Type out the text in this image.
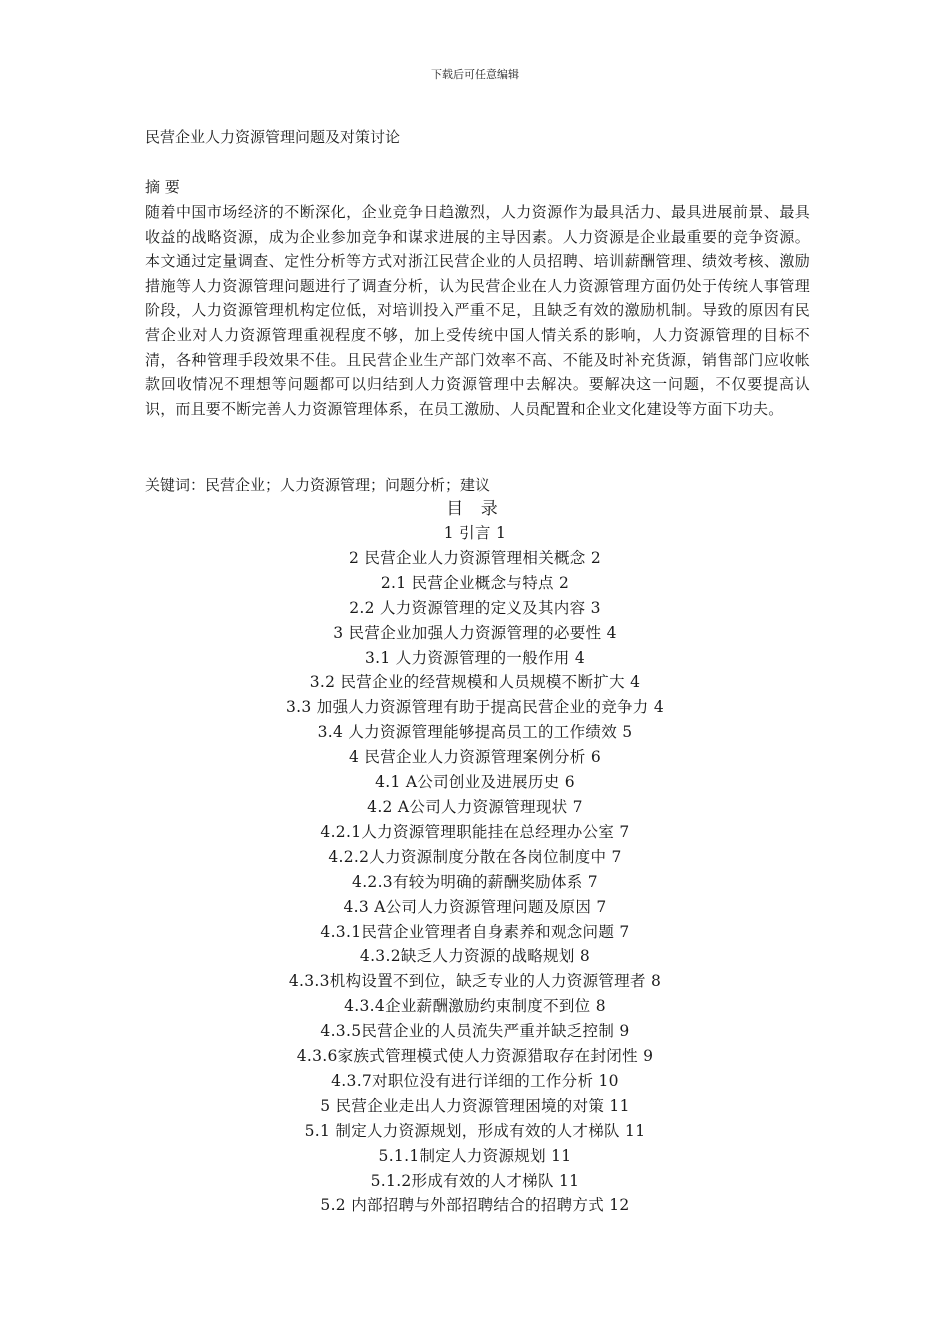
下载后可任意编辑
民营企业人力资源管理问题及对策讨论
摘 要
随着中国市场经济的不断深化，企业竞争日趋激烈，人力资源作为最具活力、最具进展前景、最具收益的战略资源，成为企业参加竞争和谋求进展的主导因素。人力资源是企业最重要的竞争资源。本文通过定量调查、定性分析等方式对浙江民营企业的人员招聘、培训薪酬管理、绩效考核、激励措施等人力资源管理问题进行了调查分析，认为民营企业在人力资源管理方面仍处于传统人事管理阶段，人力资源管理机构定位低，对培训投入严重不足，且缺乏有效的激励机制。导致的原因有民营企业对人力资源管理重视程度不够，加上受传统中国人情关系的影响，人力资源管理的目标不清，各种管理手段效果不佳。且民营企业生产部门效率不高、不能及时补充货源，销售部门应收帐款回收情况不理想等问题都可以归结到人力资源管理中去解决。要解决这一问题，不仅要提高认识，而且要不断完善人力资源管理体系，在员工激励、人员配置和企业文化建设等方面下功夫。
关键词：民营企业；人力资源管理；问题分析；建议
目 录
1 引言 1
2 民营企业人力资源管理相关概念 2
2.1 民营企业概念与特点 2
2.2 人力资源管理的定义及其内容 3
3 民营企业加强人力资源管理的必要性 4
3.1 人力资源管理的一般作用 4
3.2 民营企业的经营规模和人员规模不断扩大 4
3.3 加强人力资源管理有助于提高民营企业的竞争力 4
3.4 人力资源管理能够提高员工的工作绩效 5
4 民营企业人力资源管理案例分析 6
4.1 A公司创业及进展历史 6
4.2 A公司人力资源管理现状 7
4.2.1人力资源管理职能挂在总经理办公室 7
4.2.2人力资源制度分散在各岗位制度中 7
4.2.3有较为明确的薪酬奖励体系 7
4.3 A公司人力资源管理问题及原因 7
4.3.1民营企业管理者自身素养和观念问题 7
4.3.2缺乏人力资源的战略规划 8
4.3.3机构设置不到位，缺乏专业的人力资源管理者 8
4.3.4企业薪酬激励约束制度不到位 8
4.3.5民营企业的人员流失严重并缺乏控制 9
4.3.6家族式管理模式使人力资源猎取存在封闭性 9
4.3.7对职位没有进行详细的工作分析 10
5 民营企业走出人力资源管理困境的对策 11
5.1 制定人力资源规划，形成有效的人才梯队 11
5.1.1制定人力资源规划 11
5.1.2形成有效的人才梯队 11
5.2 内部招聘与外部招聘结合的招聘方式 12
